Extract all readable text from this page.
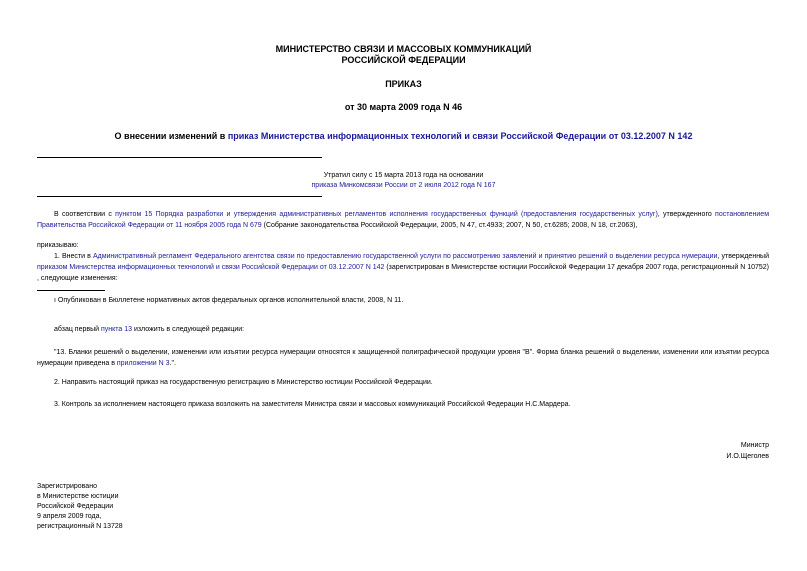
МИНИСТЕРСТВО СВЯЗИ И МАССОВЫХ КОММУНИКАЦИЙ
РОССИЙСКОЙ ФЕДЕРАЦИИ
ПРИКАЗ
от 30 марта 2009 года N 46
О внесении изменений в приказ Министерства информационных технологий и связи Российской Федерации от 03.12.2007 N 142
Утратил силу с 15 марта 2013 года на основании
приказа Минкомсвязи России от 2 июля 2012 года N 167
В соответствии с пунктом 15 Порядка разработки и утверждения административных регламентов исполнения государственных функций (предоставления государственных услуг), утвержденного постановлением Правительства Российской Федерации от 11 ноября 2005 года N 679 (Собрание законодательства Российской Федерации, 2005, N 47, ст.4933; 2007, N 50, ст.6285; 2008, N 18, ст.2063),
приказываю:
1. Внести в Административный регламент Федерального агентства связи по предоставлению государственной услуги по рассмотрению заявлений и принятию решений о выделении ресурса нумерации, утвержденный приказом Министерства информационных технологий и связи Российской Федерации от 03.12.2007 N 142 (зарегистрирован в Министерстве юстиции Российской Федерации 17 декабря 2007 года, регистрационный N 10752) , следующие изменения:
ı Опубликован в Бюллетене нормативных актов федеральных органов исполнительной власти, 2008, N 11.
абзац первый пункта 13 изложить в следующей редакции:
"13. Бланки решений о выделении, изменении или изъятии ресурса нумерации относятся к защищенной полиграфической продукции уровня "В". Форма бланка решений о выделении, изменении или изъятии ресурса нумерации приведена в приложении N 3.".
2. Направить настоящий приказ на государственную регистрацию в Министерство юстиции Российской Федерации.
3. Контроль за исполнением настоящего приказа возложить на заместителя Министра связи и массовых коммуникаций Российской Федерации Н.С.Мардера.
Министр
И.О.Щеголев
Зарегистрировано
в Министерстве юстиции
Российской Федерации
9 апреля 2009 года,
регистрационный N 13728
